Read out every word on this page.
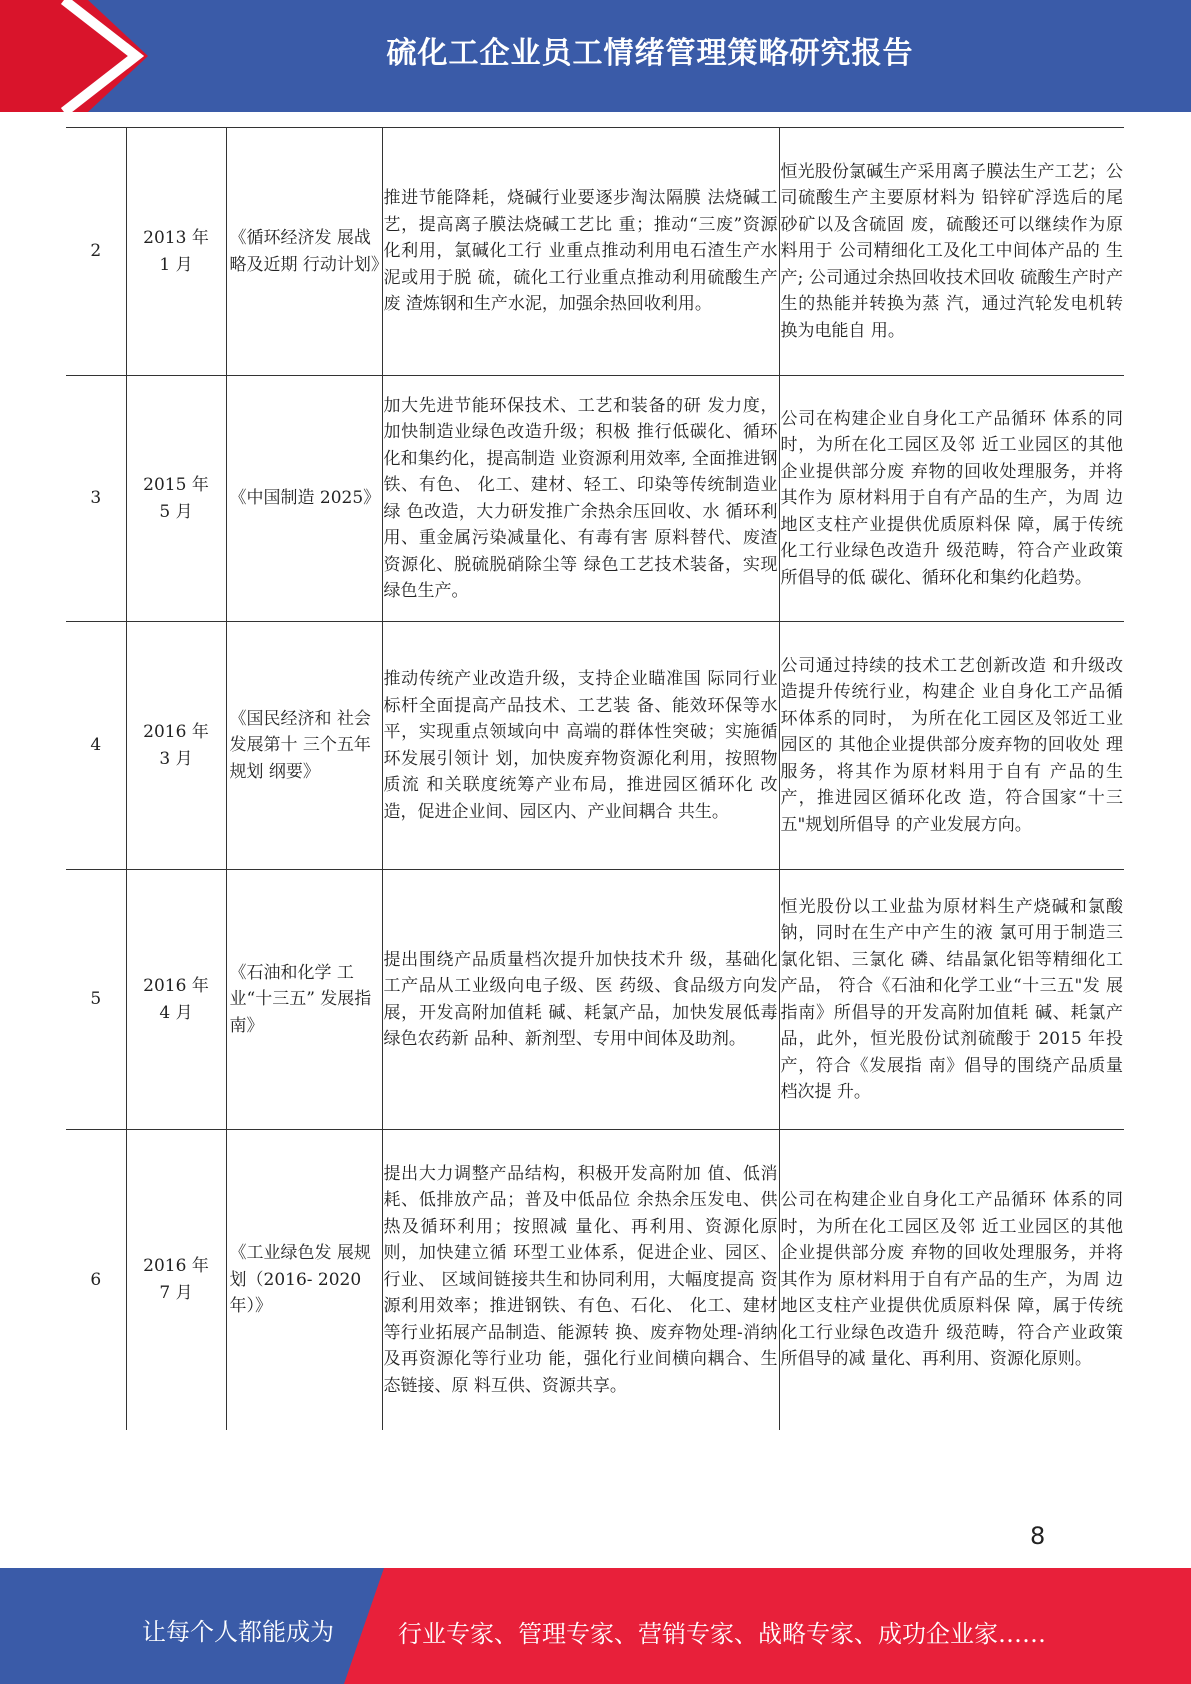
硫化工企业员工情绪管理策略研究报告
2	2013 年
1 月	《循环经济发 展战略及近期 行动计划》	推进节能降耗，烧碱行业要逐步淘汰隔膜 法烧碱工艺，提高离子膜法烧碱工艺比 重；推动“三废”资源化利用，氯碱化工行 业重点推动利用电石渣生产水泥或用于脱 硫，硫化工行业重点推动利用硫酸生产废 渣炼钢和生产水泥，加强余热回收利用。	恒光股份氯碱生产采用离子膜法生产工艺；公司硫酸生产主要原材料为 铅锌矿浮选后的尾砂矿以及含硫固 废，硫酸还可以继续作为原料用于 公司精细化工及化工中间体产品的 生产; 公司通过余热回收技术回收 硫酸生产时产生的热能并转换为蒸 汽，通过汽轮发电机转换为电能自 用。
3	2015 年
5 月	《中国制造 2025》	加大先进节能环保技术、工艺和装备的研 发力度，加快制造业绿色改造升级；积极 推行低碳化、循环化和集约化，提高制造 业资源利用效率, 全面推进钢铁、有色、 化工、建材、轻工、印染等传统制造业绿 色改造，大力研发推广余热余压回收、水 循环利用、重金属污染减量化、有毒有害 原料替代、废渣资源化、脱硫脱硝除尘等 绿色工艺技术装备，实现绿色生产。	公司在构建企业自身化工产品循环 体系的同时，为所在化工园区及邻 近工业园区的其他企业提供部分废 弃物的回收处理服务，并将其作为 原材料用于自有产品的生产，为周 边地区支柱产业提供优质原料保 障，属于传统化工行业绿色改造升 级范畴，符合产业政策所倡导的低 碳化、循环化和集约化趋势。
4	2016 年
3 月	《国民经济和 社会发展第十 三个五年规划 纲要》	推动传统产业改造升级，支持企业瞄准国 际同行业标杆全面提高产品技术、工艺装 备、能效环保等水平，实现重点领域向中 高端的群体性突破；实施循环发展引领计 划，加快废弃物资源化利用，按照物质流 和关联度统筹产业布局，推进园区循环化 改造，促进企业间、园区内、产业间耦合 共生。	公司通过持续的技术工艺创新改造 和升级改造提升传统行业，构建企 业自身化工产品循环体系的同时， 为所在化工园区及邻近工业园区的 其他企业提供部分废弃物的回收处 理服务，将其作为原材料用于自有 产品的生产，推进园区循环化改 造，符合国家“十三五"规划所倡导 的产业发展方向。
5	2016 年
4 月	《石油和化学 工业“十三五” 发展指南》	提出围绕产品质量档次提升加快技术升 级，基础化工产品从工业级向电子级、医 药级、食品级方向发展，开发高附加值耗 碱、耗氯产品，加快发展低毒绿色农药新 品种、新剂型、专用中间体及助剂。	恒光股份以工业盐为原材料生产烧碱和氯酸钠，同时在生产中产生的液 氯可用于制造三氯化铝、三氯化 磷、结晶氯化铝等精细化工产品， 符合《石油和化学工业“十三五"发 展指南》所倡导的开发高附加值耗 碱、耗氯产品，此外，恒光股份试剂硫酸于 2015 年投产，符合《发展指 南》倡导的围绕产品质量档次提 升。
6	2016 年
7 月	《工业绿色发 展规划（2016- 2020 年）》	提出大力调整产品结构，积极开发高附加 值、低消耗、低排放产品；普及中低品位 余热余压发电、供热及循环利用；按照减 量化、再利用、资源化原则，加快建立循 环型工业体系，促进企业、园区、行业、 区域间链接共生和协同利用，大幅度提高 资源利用效率；推进钢铁、有色、石化、 化工、建材等行业拓展产品制造、能源转 换、废弃物处理-消纳及再资源化等行业功 能，强化行业间横向耦合、生态链接、原 料互供、资源共享。	公司在构建企业自身化工产品循环 体系的同时，为所在化工园区及邻 近工业园区的其他企业提供部分废 弃物的回收处理服务，并将其作为 原材料用于自有产品的生产，为周 边地区支柱产业提供优质原料保 障，属于传统化工行业绿色改造升 级范畴，符合产业政策所倡导的减 量化、再利用、资源化原则。
8
让每个人都能成为	行业专家、管理专家、营销专家、战略专家、成功企业家……
